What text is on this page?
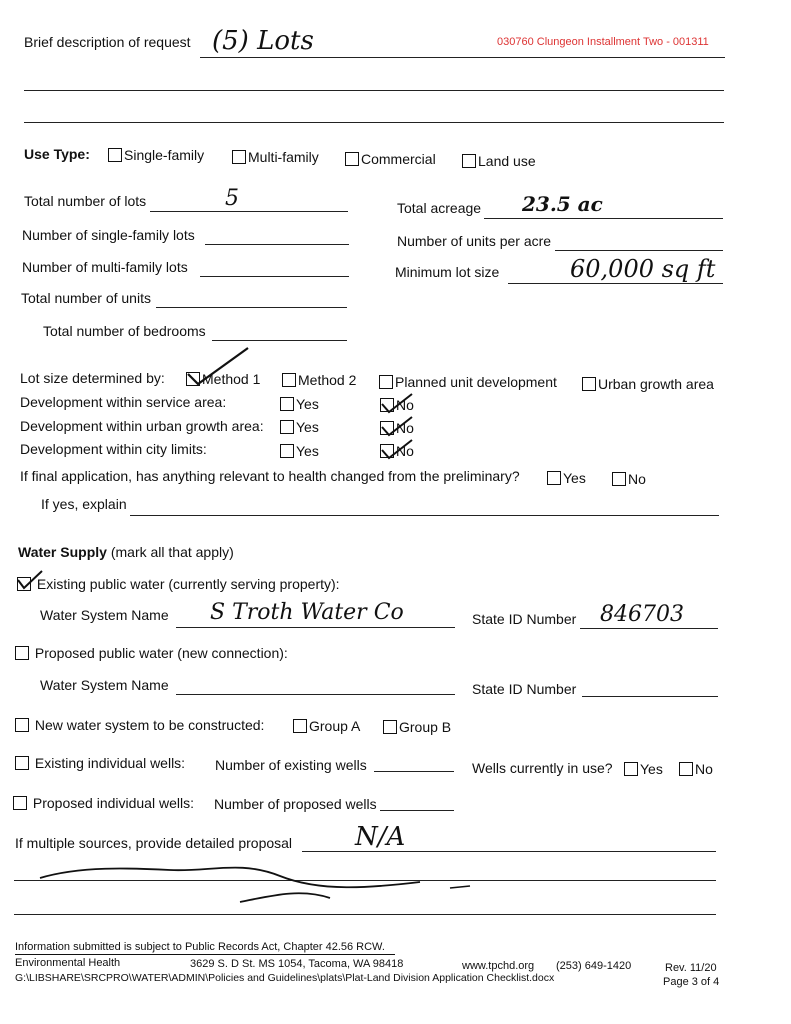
030760 Clungeon Installment Two - 001311
Brief description of request (5) Lots
Use Type:	Single-family	Multi-family	Commercial	Land use
Total number of lots	5
Number of single-family lots
Number of multi-family lots
Total number of units
Total number of bedrooms
Total acreage 23.5 ac
Number of units per acre
Minimum lot size	60,000 sq ft
Lot size determined by:	Method 1	Method 2	Planned unit development	Urban growth area
Development within service area:	Yes	No
Development within urban growth area:	Yes	No
Development within city limits:	Yes	No
If final application, has anything relevant to health changed from the preliminary?	Yes	No
If yes, explain
Water Supply (mark all that apply)
Existing public water (currently serving property):
Water System Name S Troth Water Co	State ID Number 846703
Proposed public water (new connection):
Water System Name	State ID Number
New water system to be constructed:	Group A	Group B
Existing individual wells: Number of existing wells	Wells currently in use?	Yes	No
Proposed individual wells: Number of proposed wells
If multiple sources, provide detailed proposal N/A
Information submitted is subject to Public Records Act, Chapter 42.56 RCW.
Environmental Health	3629 S. D St. MS 1054, Tacoma, WA 98418	www.tpchd.org (253) 649-1420	Rev. 11/20
G:\LIBSHARE\SRCPRO\WATER\ADMIN\Policies and Guidelines\plats\Plat-Land Division Application Checklist.docx	Page 3 of 4
